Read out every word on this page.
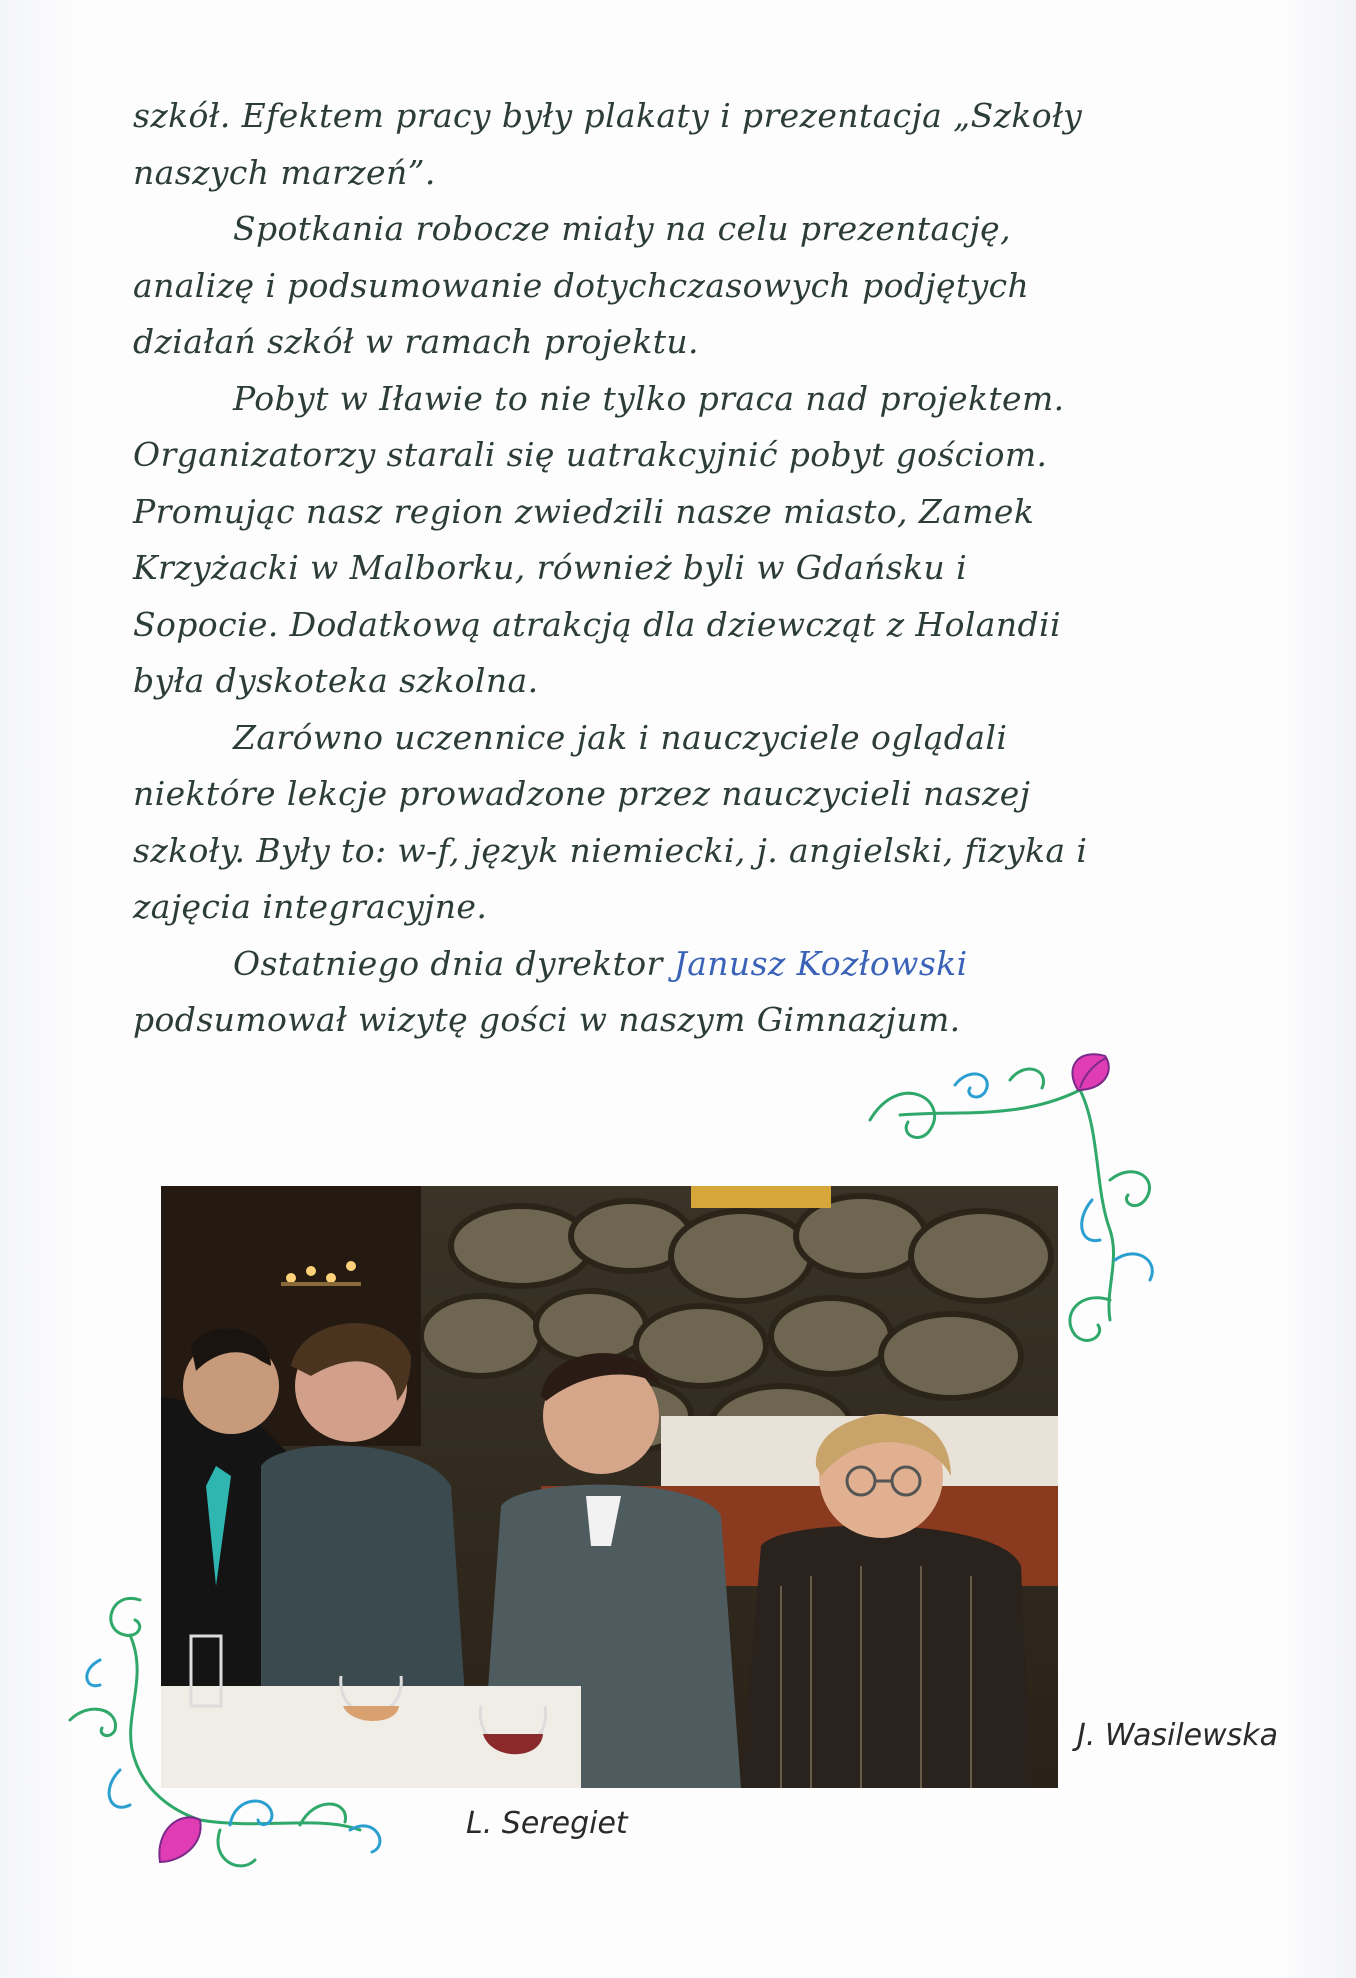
szkół. Efektem pracy były plakaty i prezentacja „Szkoły naszych marzeń”.

Spotkania robocze miały na celu prezentację, analizę i podsumowanie dotychczasowych podjętych działań szkół w ramach projektu.

Pobyt w Iławie to nie tylko praca nad projektem. Organizatorzy starali się uatrakcyjnić pobyt gościom. Promując nasz region zwiedzili nasze miasto, Zamek Krzyżacki w Malborku, również byli w Gdańsku i Sopocie. Dodatkową atrakcją dla dziewcząt z Holandii była dyskoteka szkolna.

Zarówno uczennice jak i nauczyciele oglądali niektóre lekcje prowadzone przez nauczycieli naszej szkoły. Były to: w-f, język niemiecki, j. angielski, fizyka i zajęcia integracyjne.

Ostatniego dnia dyrektor Janusz Kozłowski podsumował wizytę gości w naszym Gimnazjum.

L. Seregiet
J. Wasilewska
